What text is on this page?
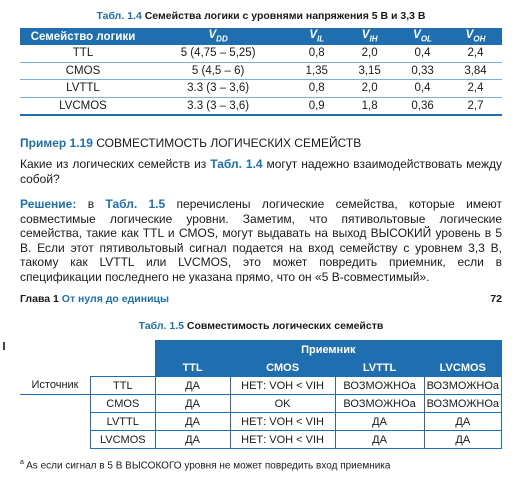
Табл. 1.4 Семейства логики с уровнями напряжения 5 В и 3,3 В
Семейство логики	$V_{DD}$	$V_{IL}$	$V_{IH}$	$V_{OL}$	$V_{OH}$
TTL	5 (4,75 – 5,25)	0,8	2,0	0,4	2,4
CMOS	5 (4,5 – 6)	1,35	3,15	0,33	3,84
LVTTL	3.3 (3 – 3,6)	0,8	2,0	0,4	2,4
LVCMOS	3.3 (3 – 3,6)	0,9	1,8	0,36	2,7
Пример 1.19 СОВМЕСТИМОСТЬ ЛОГИЧЕСКИХ СЕМЕЙСТВ
Какие из логических семейств из Табл. 1.4 могут надежно взаимодействовать между собой?
Решение: в Табл. 1.5 перечислены логические семейства, которые имеют совместимые логические уровни. Заметим, что пятивольтовые логические семейства, такие как TTL и CMOS, могут выдавать на выход ВЫСОКИЙ уровень в 5 В. Если этот пятивольтовый сигнал подается на вход семейству с уровнем 3,3 В, такому как LVTTL или LVCMOS, это может повредить приемник, если в спецификации последнего не указана прямо, что он «5 В-совместимый».
Глава 1 От нуля до единицы	72
Табл. 1.5 Совместимость логических семейств
		Приемник			
		TTL	CMOS	LVTTL	LVCMOS
Источник	TTL	ДА	НЕТ: VOH < VIH	ВОЗМОЖНОa	ВОЗМОЖНОa
	CMOS	ДА	OK	ВОЗМОЖНОa	ВОЗМОЖНОa
	LVTTL	ДА	НЕТ: VOH < VIH	ДА	ДА
	LVCMOS	ДА	НЕТ: VOH < VIH	ДА	ДА
$^a$ As если сигнал в 5 В ВЫСОКОГО уровня не может повредить вход приемника
